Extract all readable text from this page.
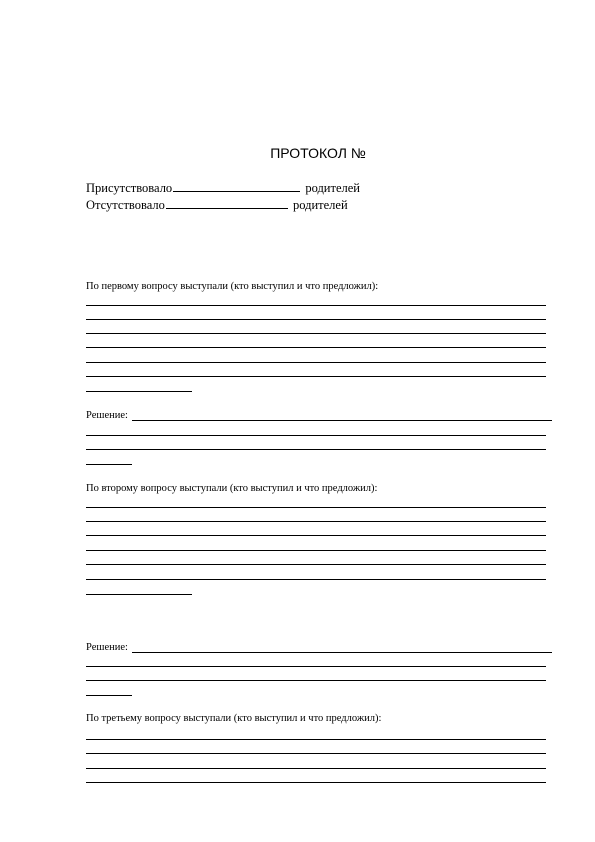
ПРОТОКОЛ №
Присутствовало	родителей
Отсутствовало	родителей
По первому вопросу выступали (кто выступил и что предложил):
Решение:
По второму вопросу выступали (кто выступил и что предложил):
Решение:
По третьему вопросу выступали (кто выступил и что предложил):
